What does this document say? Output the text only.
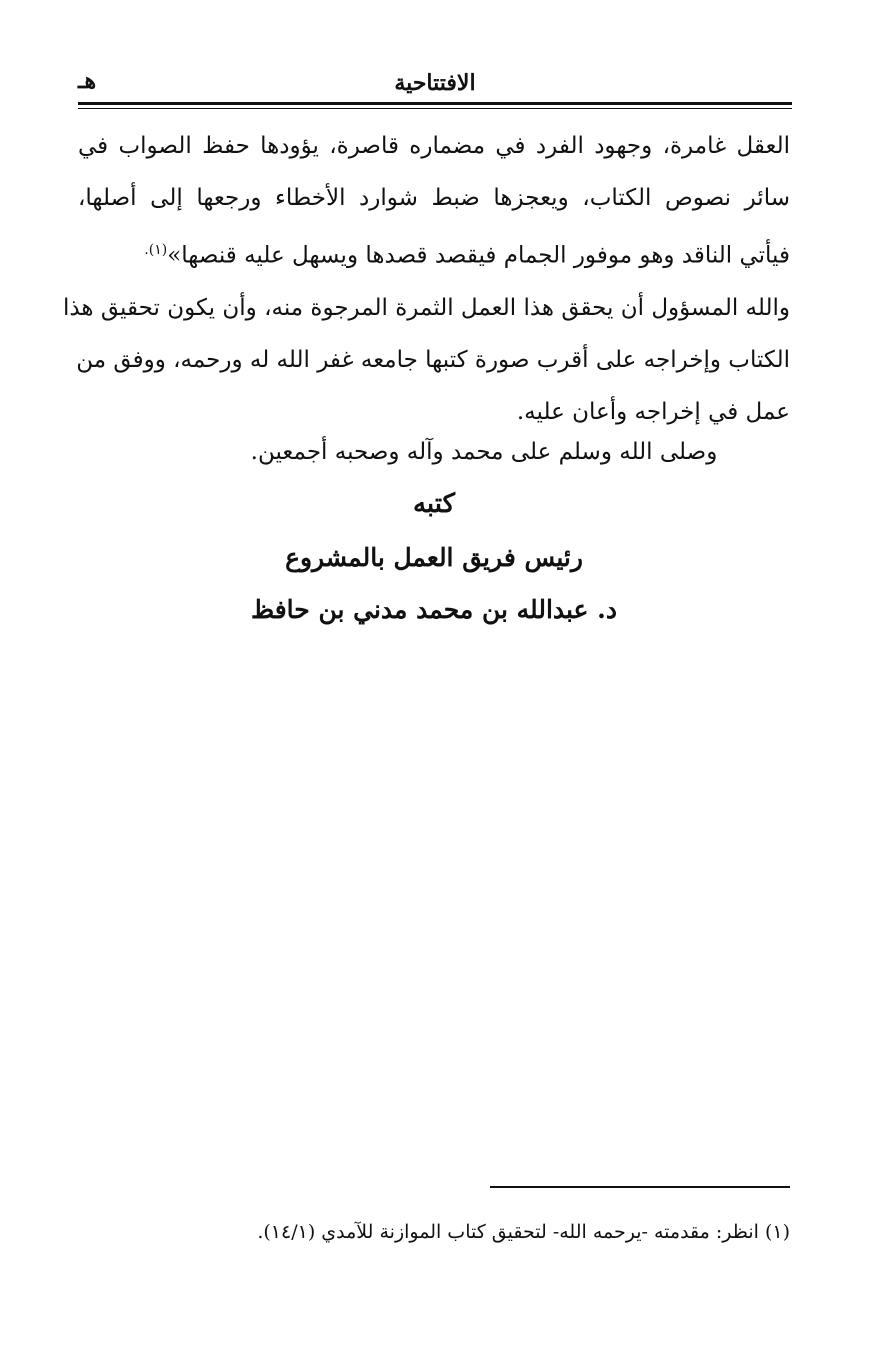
الافتتاحية
هـ
العقل غامرة، وجهود الفرد في مضماره قاصرة، يؤودها حفظ الصواب في
سائر نصوص الكتاب، ويعجزها ضبط شوارد الأخطاء ورجعها إلى أصلها،
فيأتي الناقد وهو موفور الجمام فيقصد قصدها ويسهل عليه قنصها»$^{(١).}$
والله المسؤول أن يحقق هذا العمل الثمرة المرجوة منه، وأن يكون تحقيق هذا
الكتاب وإخراجه على أقرب صورة كتبها جامعه غفر الله له ورحمه، ووفق من
عمل في إخراجه وأعان عليه.
وصلى الله وسلم على محمد وآله وصحبه أجمعين.
كتبه
رئيس فريق العمل بالمشروع
د. عبدالله بن محمد مدني بن حافظ
(١) انظر: مقدمته -يرحمه الله- لتحقيق كتاب الموازنة للآمدي (١٤/١).
